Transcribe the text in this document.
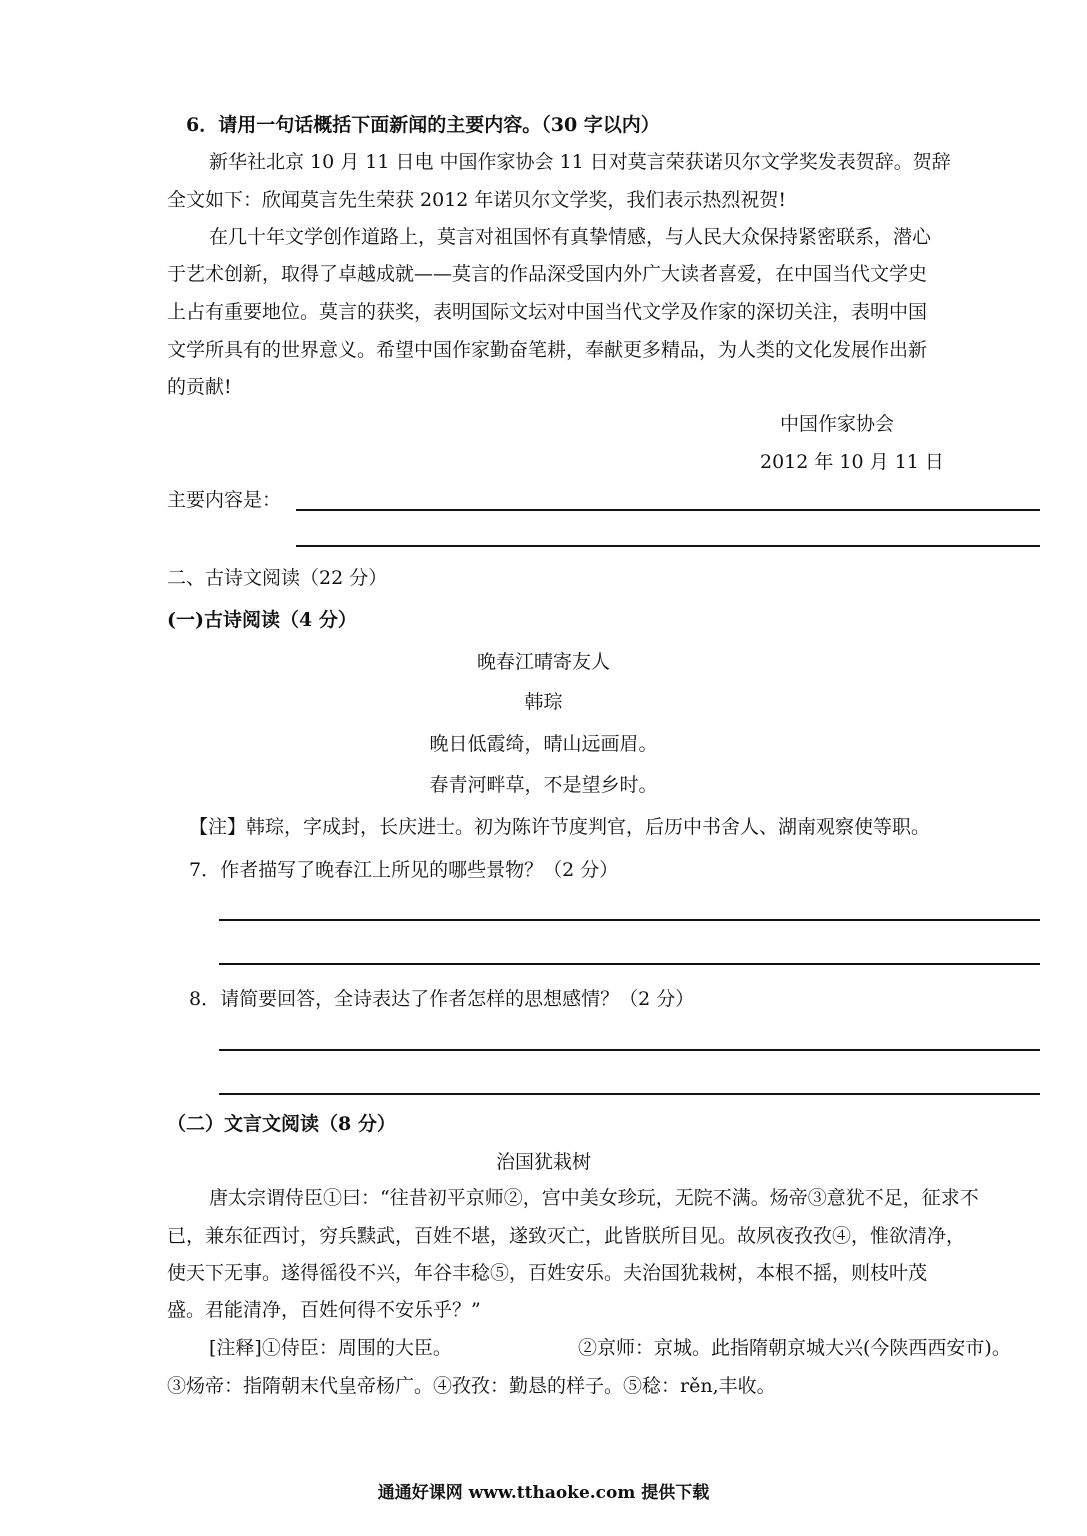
6．请用一句话概括下面新闻的主要内容。（30 字以内）
新华社北京 10 月 11 日电 中国作家协会 11 日对莫言荣获诺贝尔文学奖发表贺辞。贺辞
全文如下：欣闻莫言先生荣获 2012 年诺贝尔文学奖，我们表示热烈祝贺!
在几十年文学创作道路上，莫言对祖国怀有真挚情感，与人民大众保持紧密联系，潜心
于艺术创新，取得了卓越成就——莫言的作品深受国内外广大读者喜爱，在中国当代文学史
上占有重要地位。莫言的获奖，表明国际文坛对中国当代文学及作家的深切关注，表明中国
文学所具有的世界意义。希望中国作家勤奋笔耕，奉献更多精品，为人类的文化发展作出新
的贡献!
中国作家协会
2012 年 10 月 11 日
主要内容是：
二、古诗文阅读（22 分）
(一)古诗阅读（4 分）
晚春江晴寄友人
韩琮
晚日低霞绮，晴山远画眉。
春青河畔草，不是望乡时。
【注】韩琮，字成封，长庆进士。初为陈许节度判官，后历中书舍人、湖南观察使等职。
7．作者描写了晚春江上所见的哪些景物？（2 分）
8．请简要回答，全诗表达了作者怎样的思想感情？（2 分）
（二）文言文阅读（8 分）
治国犹栽树
唐太宗谓侍臣①曰：“往昔初平京师②，宫中美女珍玩，无院不满。炀帝③意犹不足，征求不
已，兼东征西讨，穷兵黩武，百姓不堪，遂致灭亡，此皆朕所目见。故夙夜孜孜④，惟欲清净，
使天下无事。遂得徭役不兴，年谷丰稔⑤，百姓安乐。夫治国犹栽树，本根不摇，则枝叶茂
盛。君能清净，百姓何得不安乐乎？”
[注释]①侍臣：周围的大臣。	②京师：京城。此指隋朝京城大兴(今陕西西安市)。
③炀帝：指隋朝末代皇帝杨广。④孜孜：勤恳的样子。⑤稔：rěn,丰收。
通通好课网 www.tthaoke.com 提供下载
